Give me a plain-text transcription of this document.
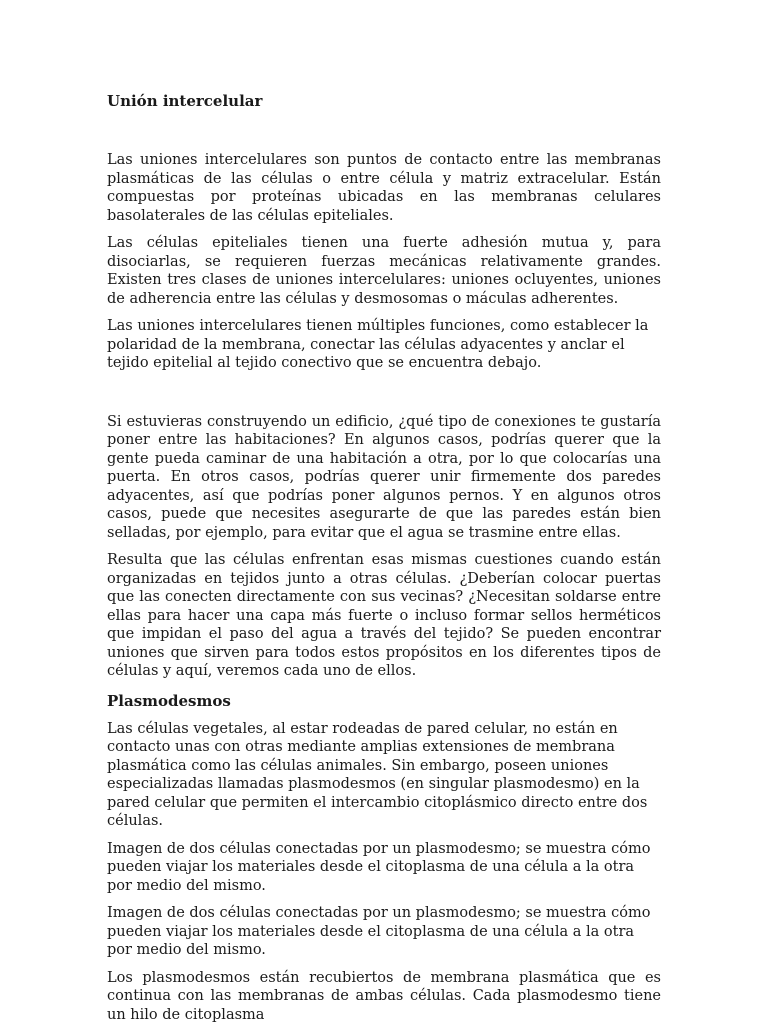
Unión intercelular

Las uniones intercelulares son puntos de contacto entre las membranas plasmáticas de las células o entre célula y matriz extracelular. Están compuestas por proteínas ubicadas en las membranas celulares basolaterales de las células epiteliales.

Las células epiteliales tienen una fuerte adhesión mutua y, para disociarlas, se requieren fuerzas mecánicas relativamente grandes. Existen tres clases de uniones intercelulares: uniones ocluyentes, uniones de adherencia entre las células y desmosomas o máculas adherentes.

Las uniones intercelulares tienen múltiples funciones, como establecer la polaridad de la membrana, conectar las células adyacentes y anclar el tejido epitelial al tejido conectivo que se encuentra debajo.

Si estuvieras construyendo un edificio, ¿qué tipo de conexiones te gustaría poner entre las habitaciones? En algunos casos, podrías querer que la gente pueda caminar de una habitación a otra, por lo que colocarías una puerta. En otros casos, podrías querer unir firmemente dos paredes adyacentes, así que podrías poner algunos pernos. Y en algunos otros casos, puede que necesites asegurarte de que las paredes están bien selladas, por ejemplo, para evitar que el agua se trasmine entre ellas.

Resulta que las células enfrentan esas mismas cuestiones cuando están organizadas en tejidos junto a otras células. ¿Deberían colocar puertas que las conecten directamente con sus vecinas? ¿Necesitan soldarse entre ellas para hacer una capa más fuerte o incluso formar sellos herméticos que impidan el paso del agua a través del tejido? Se pueden encontrar uniones que sirven para todos estos propósitos en los diferentes tipos de células y aquí, veremos cada uno de ellos.

Plasmodesmos

Las células vegetales, al estar rodeadas de pared celular, no están en contacto unas con otras mediante amplias extensiones de membrana plasmática como las células animales. Sin embargo, poseen uniones especializadas llamadas plasmodesmos (en singular plasmodesmo) en la pared celular que permiten el intercambio citoplásmico directo entre dos células.

Imagen de dos células conectadas por un plasmodesmo; se muestra cómo pueden viajar los materiales desde el citoplasma de una célula a la otra por medio del mismo.

Imagen de dos células conectadas por un plasmodesmo; se muestra cómo pueden viajar los materiales desde el citoplasma de una célula a la otra por medio del mismo.

Los plasmodesmos están recubiertos de membrana plasmática que es continua con las membranas de ambas células. Cada plasmodesmo tiene un hilo de citoplasma
